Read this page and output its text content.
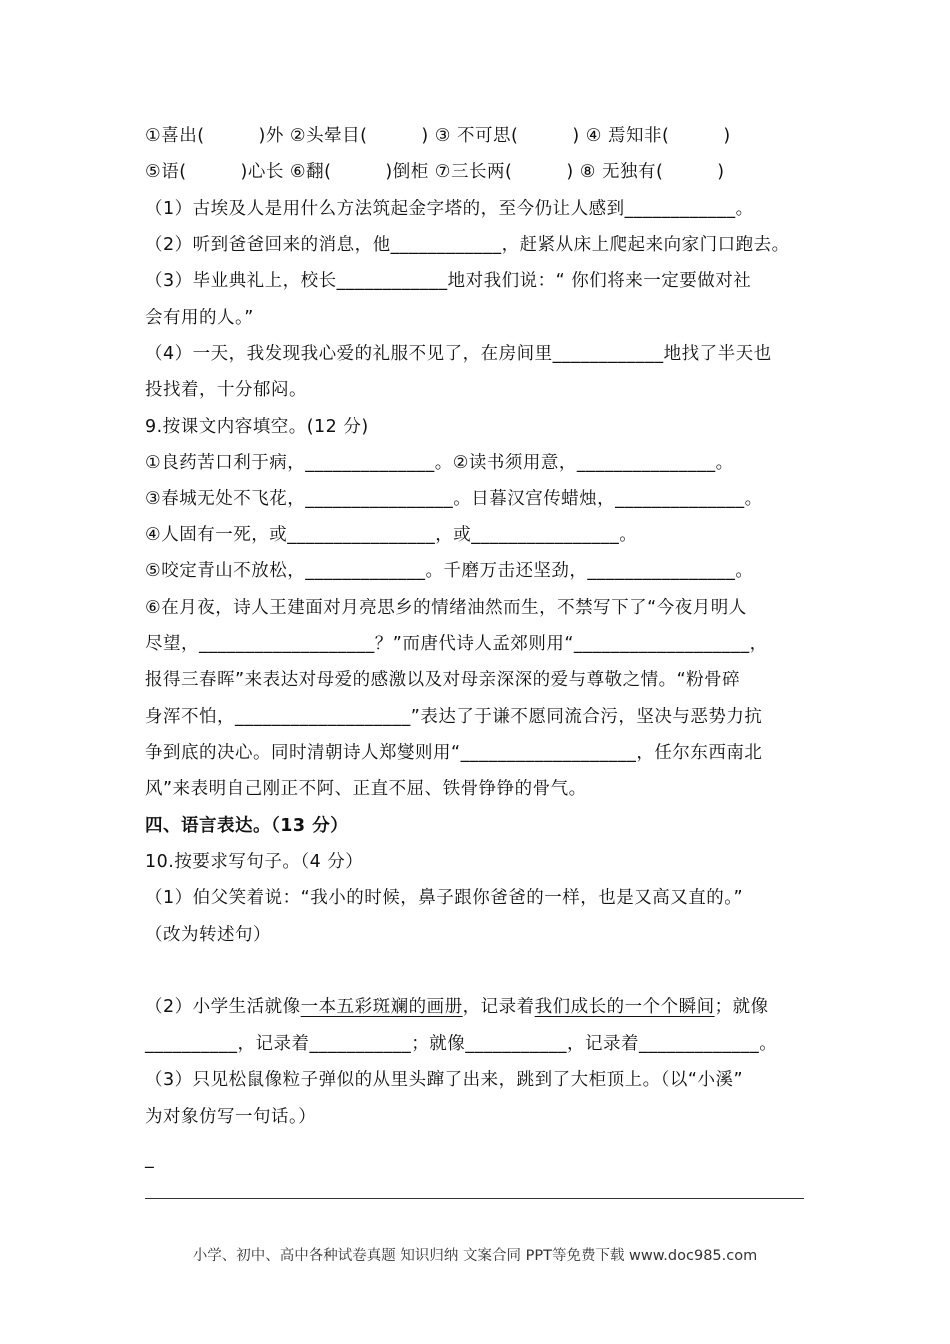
①喜出(　　　)外 ②头晕目(　　　) ③ 不可思(　　　) ④ 焉知非(　　　)
⑤语(　　　)心长 ⑥翻(　　　)倒柜 ⑦三长两(　　　) ⑧ 无独有(　　　)
（1）古埃及人是用什么方法筑起金字塔的，至今仍让人感到____________。
（2）听到爸爸回来的消息，他____________，赶紧从床上爬起来向家门口跑去。
（3）毕业典礼上，校长____________地对我们说：“ 你们将来一定要做对社
会有用的人。”
（4）一天，我发现我心爱的礼服不见了，在房间里____________地找了半天也
投找着，十分郁闷。
9.按课文内容填空。(12 分)
①良药苦口利于病，______________。②读书须用意，_______________。
③春城无处不飞花，________________。日暮汉宫传蜡烛，______________。
④人固有一死，或________________，或________________。
⑤咬定青山不放松，_____________。千磨万击还坚劲，________________。
⑥在月夜，诗人王建面对月亮思乡的情绪油然而生，不禁写下了“今夜月明人
尽望，___________________？”而唐代诗人孟郊则用“___________________，
报得三春晖”来表达对母爱的感激以及对母亲深深的爱与尊敬之情。“粉骨碎
身浑不怕，___________________”表达了于谦不愿同流合污，坚决与恶势力抗
争到底的决心。同时清朝诗人郑燮则用“___________________，任尔东西南北
风”来表明自己刚正不阿、正直不屈、铁骨铮铮的骨气。
四、语言表达。（13 分）
10.按要求写句子。（4 分）
（1）伯父笑着说：“我小的时候，鼻子跟你爸爸的一样，也是又高又直的。”
（改为转述句）
（2）小学生活就像一本五彩斑斓的画册，记录着我们成长的一个个瞬间；就像
__________，记录着___________；就像___________，记录着_____________。
（3）只见松鼠像粒子弹似的从里头蹿了出来，跳到了大柜顶上。（以“小溪”
为对象仿写一句话。）
_
小学、初中、高中各种试卷真题 知识归纳 文案合同 PPT等免费下载 www.doc985.com
